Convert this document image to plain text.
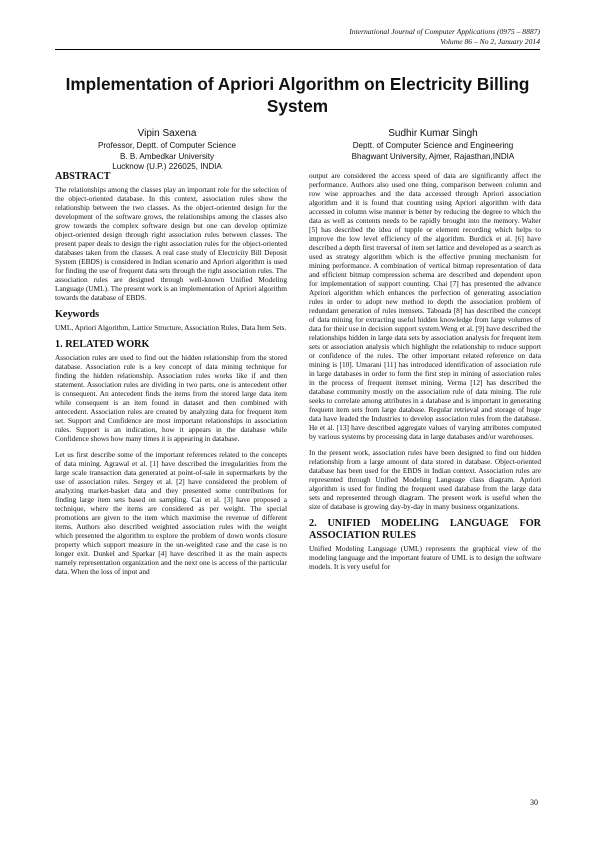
International Journal of Computer Applications (0975 – 8887)
Volume 86 – No 2, January 2014
Implementation of Apriori Algorithm on Electricity Billing System
Vipin Saxena
Professor, Deptt. of Computer Science
B. B. Ambedkar University
Lucknow (U.P.) 226025, INDIA
Sudhir Kumar Singh
Deptt. of Computer Science and Engineering
Bhagwant University, Ajmer, Rajasthan,INDIA
ABSTRACT

The relationships among the classes play an important role for the selection of the object-oriented database. In this context, association rules show the relationship between the two classes. As the object-oriented design for the development of the software grows, the relationships among the classes also grow towards the complex software design but one can develop optimize object-oriented design through right association rules between classes. The present paper deals to design the right association rules for the object-oriented databases taken from the classes. A real case study of Electricity Bill Deposit System (EBDS) is considered in Indian scenario and Apriori algorithm is used for finding the use of frequent data sets through the right association rules. The association rules are designed through well-known Unified Modeling Language (UML). The present work is an implementation of Apriori algorithm towards the database of EBDS.

Keywords

UML, Apriori Algorithm, Lattice Structure, Association Rules, Data Item Sets.

1. RELATED WORK

Association rules are used to find out the hidden relationship from the stored database. Association rule is a key concept of data mining technique for finding the hidden relationship. Association rules works like if and then statement. Association rules are dividing in two parts, one is antecedent other is consequent. An antecedent finds the items from the stored large data item while consequent is an item found in dataset and then combined with antecedent. Association rules are created by analyzing data for frequent item set. Support and Confidence are most important relationships in association rules. Support is an indication, how it appears in the database while Confidence shows how many times it is appearing in database.

Let us first describe some of the important references related to the concepts of data mining. Agrawal et al. [1] have described the irregularities from the large scale transaction data generated at point-of-sale in supermarkets by the use of association rules. Sergey et al. [2] have considered the problem of analyzing market-basket data and they presented some contributions for finding large item sets based on sampling. Cai et al. [3] have proposed a technique, where the items are considered as per weight. The special promotions are given to the item which maximise the revenue of different items. Authors also described weighted association rules with the weight which presented the algorithm to explore the problem of down words closure property which support measure in the un-weighted case and the case is no longer exit. Dunkel and Sparkar [4] have described it as the main aspects namely representation organization and the next one is access of the particular data. When the loss of input and

output are considered the access speed of data are significantly affect the performance. Authors also used one thing, comparison between column and row wise approaches and the data accessed through Apriori association algorithm and it is found that counting using Apriori algorithm with data accessed in column wise manner is better by reducing the degree to which the data as well as contents needs to be rapidly brought into the memory. Walter [5] has described the idea of tupple or element recording which helps to improve the low level efficiency of the algorithm. Burdick et al. [6] have described a depth first traversal of item set lattice and developed as a search as used as strategy algorithm which is the effective pruning mechanism for mining performance. A combination of vertical bitmap representation of data and efficient bitmap compression schema are described and dependent upon for implementation of support counting. Chai [7] has presented the advance Apriori algorithm which enhances the perfection of generating association rules in order to adopt new method to depth the association problem of redundant generation of rules itemsets. Taboada [8] has described the concept of data mining for extracting useful hidden knowledge from large volumes of data for their use in decision support system.Weng et al. [9] have described the relationships hidden in large data sets by association analysis for frequent item sets or association analysis which highlight the relationship to reduce support or confidence of the rules. The other important related reference on data mining is [10]. Umarani [11] has introduced identification of association rule in large databases in order to form the first step in mining of association rules in the process of frequent itemset mining. Verma [12] has described the database community mostly on the association rule of data mining. The rule seeks to correlate among attributes in a database and is important in generating frequent item sets from large database. Regular retrieval and storage of huge data have leaded the Industries to develop association rules from the database. He et al. [13] have described aggregate values of varying attributes computed by various systems by processing data in large databases and/or warehouses.

In the present work, association rules have been designed to find out hidden relationship from a large amount of data stored in database. Object-oriented database has been used for the EBDS in Indian context. Association rules are represented through Unified Modeling Language class diagram. Apriori algorithm is used for finding the frequent used database from the large data sets and represented through diagram. The present work is useful when the size of database is growing day-by-day in many business organizations.

2. UNIFIED MODELING LANGUAGE FOR ASSOCIATION RULES

Unified Modeling Language (UML) represents the graphical view of the modeling language and the important feature of UML is to design the software models. It is very useful for

30
